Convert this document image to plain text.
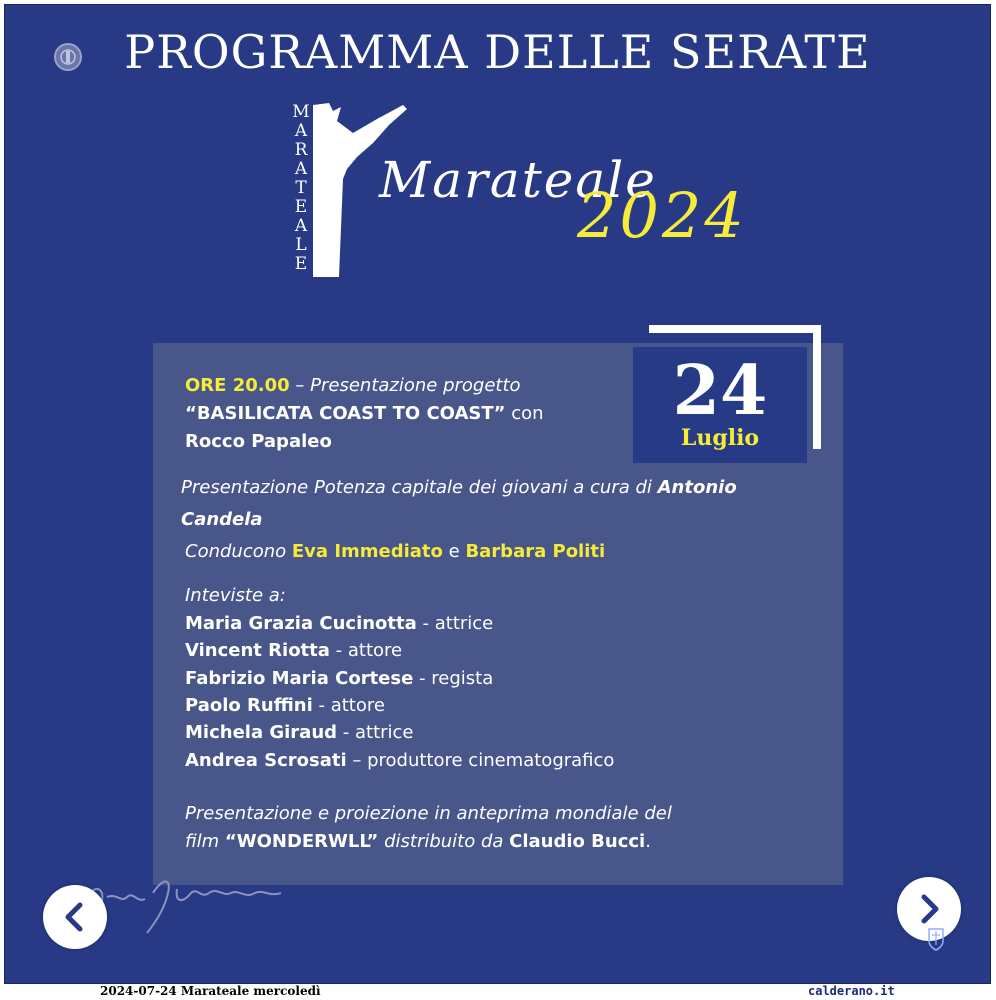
PROGRAMMA DELLE SERATE
M
A
R
A
T
E
A
L
E
Marateale
2024
24
Luglio
ORE 20.00 – Presentazione progetto
“BASILICATA COAST TO COAST” con
Rocco Papaleo
Presentazione Potenza capitale dei giovani a cura di Antonio
Candela
Conducono Eva Immediato e Barbara Politi
Inteviste a:
Maria Grazia Cucinotta - attrice
Vincent Riotta - attore
Fabrizio Maria Cortese - regista
Paolo Ruffini - attore
Michela Giraud - attrice
Andrea Scrosati – produttore cinematografico
Presentazione e proiezione in anteprima mondiale del
film “WONDERWLL” distribuito da Claudio Bucci.
2024-07-24 Marateale mercoledì	calderano.it
